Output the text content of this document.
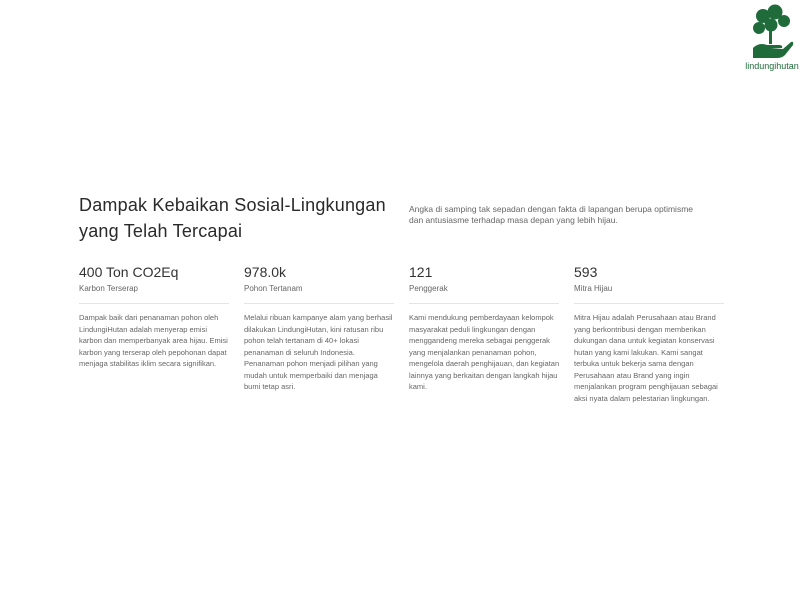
lindungihutan
Dampak Kebaikan Sosial-Lingkungan yang Telah Tercapai

Angka di samping tak sepadan dengan fakta di lapangan berupa optimisme dan antusiasme terhadap masa depan yang lebih hijau.

400 Ton CO2Eq
Karbon Terserap

Dampak baik dari penanaman pohon oleh LindungiHutan adalah menyerap emisi karbon dan memperbanyak area hijau. Emisi karbon yang terserap oleh pepohonan dapat menjaga stabilitas iklim secara signifikan.

978.0k
Pohon Tertanam

Melalui ribuan kampanye alam yang berhasil dilakukan LindungiHutan, kini ratusan ribu pohon telah tertanam di 40+ lokasi penanaman di seluruh Indonesia. Penanaman pohon menjadi pilihan yang mudah untuk memperbaiki dan menjaga bumi tetap asri.

121
Penggerak

Kami mendukung pemberdayaan kelompok masyarakat peduli lingkungan dengan menggandeng mereka sebagai penggerak yang menjalankan penanaman pohon, mengelola daerah penghijauan, dan kegiatan lainnya yang berkaitan dengan langkah hijau kami.

593
Mitra Hijau

Mitra Hijau adalah Perusahaan atau Brand yang berkontribusi dengan memberikan dukungan dana untuk kegiatan konservasi hutan yang kami lakukan. Kami sangat terbuka untuk bekerja sama dengan Perusahaan atau Brand yang ingin menjalankan program penghijauan sebagai aksi nyata dalam pelestarian lingkungan.
